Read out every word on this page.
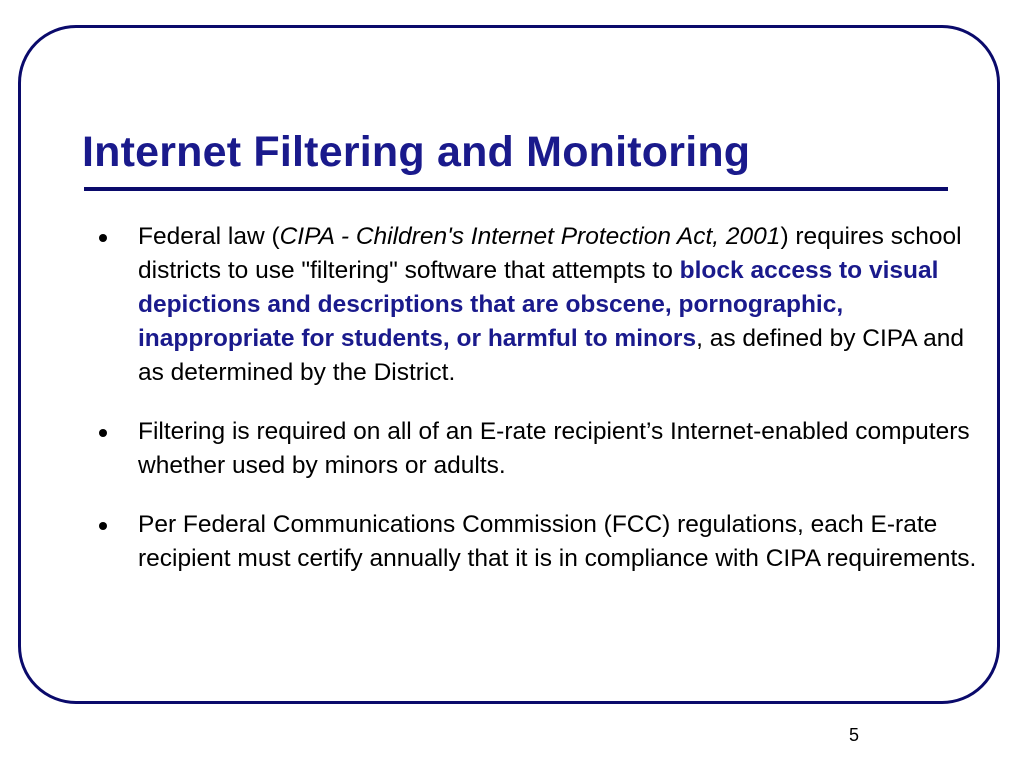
Internet Filtering and Monitoring
Federal law (CIPA - Children's Internet Protection Act, 2001) requires school districts to use "filtering" software that attempts to block access to visual depictions and descriptions that are obscene, pornographic, inappropriate for students, or harmful to minors, as defined by CIPA and as determined by the District.
Filtering is required on all of an E-rate recipient’s Internet-enabled computers whether used by minors or adults.
Per Federal Communications Commission (FCC) regulations, each E-rate recipient must certify annually that it is in compliance with CIPA requirements.
5
